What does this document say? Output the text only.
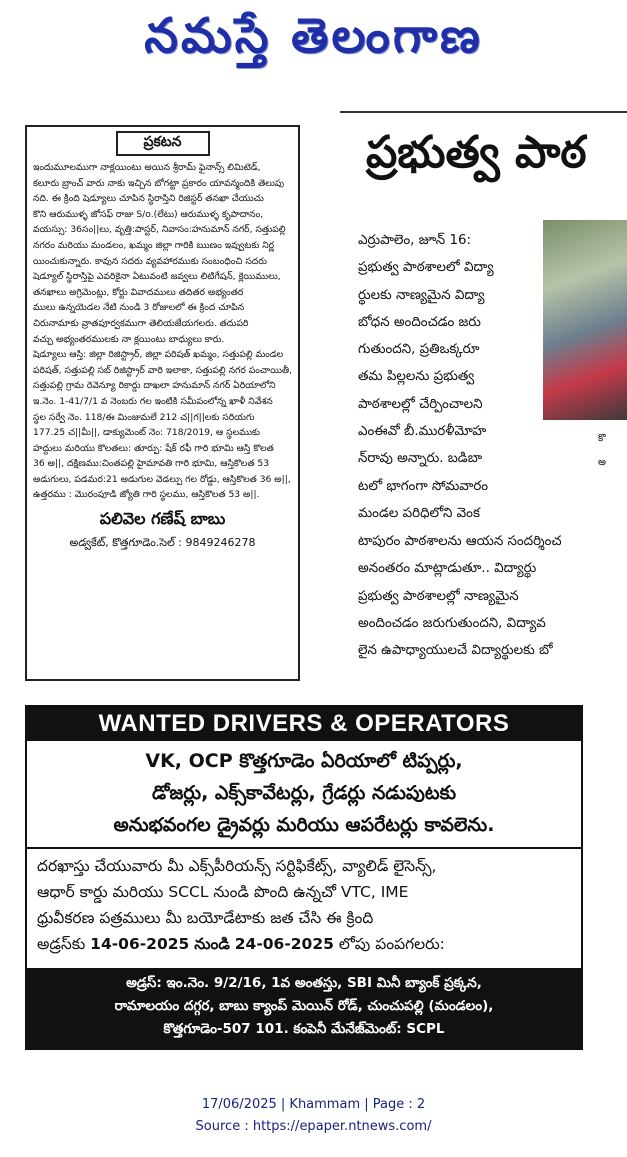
నమస్తే తెలంగాణ
ప్రకటన
ఇందుమూలముగా నాక్లయింటు అయిన శ్రీరామ్ ఫైనాన్స్ లిమిటెడ్,
కలూరు బ్రాంచ్ వారు నాకు ఇచ్చిన బోగట్టా ప్రకారం యావన్మందికి తెలుపు
నది. ఈ క్రింది షెడ్యూలు చూపిన స్థిరాస్తిని రిజిస్టర్ తనఖా చేయుచు
కొని ఆరుముళ్ళ జోసఫ్ రాజు S/o.(లేటు) ఆరుముళ్ళ కృపాదానం,
వయస్సు: 36సం||లు, వృత్తి:పాస్టర్, నివాసం:హనుమాన్ నగర్, సత్తుపల్లి
నగరం మరియు మండలం, ఖమ్మం జిల్లా గారికి ఋణం ఇవ్వుటకు నిర్ణ
యించుకున్నారు. కావున సదరు వ్యవహారముకు సంబంధించి సదరు
షెడ్యూల్ స్థిరాస్తిపై ఎవరికైనా ఏటువంటి జవ్వలు లిటిగేషన్, క్లెయిములు,
తనఖాలు అగ్రిమెంట్లు, కోర్టు వివాదములు తదితర అభ్యంతర
ములు ఉన్నయెడల నేటి నుండి 3 రోజులలో ఈ క్రింద చూపిన
చిరునామాకు వ్రాతపూర్వకముగా తెలియజేయగలరు. తదుపరి
వచ్చు అభ్యంతరములకు నా క్లయింటు బాధ్యులు కారు.
షెడ్యూలు ఆస్తి: జిల్లా రిజిస్ట్రార్, జిల్లా పరిషత్ ఖమ్మం, సత్తుపల్లి మండల
పరిషత్, సత్తుపల్లి సబ్ రిజిస్ట్రార్ వారి ఇలాకా, సత్తుపల్లి నగర పంచాయితీ,
సత్తుపల్లి గ్రామ రెవెన్యూ రికార్డు దాఖలా హనుమాన్ నగర్ ఏరియాలోని
ఇ.నెం. 1-41/7/1 వ నెంబరు గల ఇంటికి సమీపంలోన్న ఖాళీ నివేశన
స్థల సర్వే నెం. 118/ఈ మింజుమలే 212 చ||గ||లకు సరియగు
177.25 చ||మీ||, డాక్యుమెంట్ నెం: 718/2019, ఆ స్థలముకు
హద్దులు మరియు కొలతలు: తూర్పు: షేక్ రఫీ గారి భూమి ఆస్తి కొలత
36 అ||, దక్షిణము:చింతపల్లి హైమావతి గారి భూమి, ఆస్తికొలత 53
అడుగులు, పడమర:21 అడుగుల వెడల్పు గల రోడ్డు, ఆస్తికొలత 36 అ||,
ఉత్తరము : మొరంపూడి జ్యోతి గారి స్థలము, ఆస్తికొలత 53 అ||.
పలివెల గణేష్ బాబు
అడ్వకేట్, కొత్తగూడెం.సెల్ : 9849246278
ప్రభుత్వ పాఠ
కొ
అ
ఎర్రుపాలెం, జూన్ 16:
ప్రభుత్వ పాఠశాలలో విద్యా
ర్థులకు నాణ్యమైన విద్యా
బోధన అందించడం జరు
గుతుందని, ప్రతిఒక్కరూ
తమ పిల్లలను ప్రభుత్వ
పాఠశాలల్లో చేర్పించాలని
ఎంఈవో బీ.మురళీమోహ
న్‌రావు అన్నారు. బడిబా
టలో భాగంగా సోమవారం
మండల పరిధిలోని వెంక
టాపురం పాఠశాలను ఆయన సందర్శించ
అనంతరం మాట్లాడుతూ.. విద్యార్థు
ప్రభుత్వ పాఠశాలల్లో నాణ్యమైన
అందించడం జరుగుతుందని, విద్యావ
లైన ఉపాధ్యాయులచే విద్యార్థులకు బో
WANTED DRIVERS & OPERATORS
VK, OCP కొత్తగూడెం ఏరియాలో టిప్పర్లు,
డోజర్లు, ఎక్స్‌కావేటర్లు, గ్రేడర్లు నడుపుటకు
అనుభవంగల డ్రైవర్లు మరియు ఆపరేటర్లు కావలెను.
దరఖాస్తు చేయువారు మీ ఎక్స్‌పీరియన్స్ సర్టిఫికేట్స్, వ్యాలిడ్ లైసెన్స్,
ఆధార్ కార్డు మరియు SCCL నుండి పొంది ఉన్నచో VTC, IME
ధ్రువీకరణ పత్రములు మీ బయోడేటాకు జత చేసి ఈ క్రింది
అడ్రస్‌కు 14-06-2025 నుండి 24-06-2025 లోపు పంపగలరు:
అడ్రస్: ఇం.నెం. 9/2/16, 1వ అంతస్తు, SBI మినీ బ్యాంక్ ప్రక్కన,
రామాలయం దగ్గర, బాబు క్యాంప్ మెయిన్ రోడ్, చుంచుపల్లి (మండలం),
కొత్తగూడెం-507 101. కంపెనీ మేనేజ్‌మెంట్: SCPL
17/06/2025 | Khammam | Page : 2
Source : https://epaper.ntnews.com/
